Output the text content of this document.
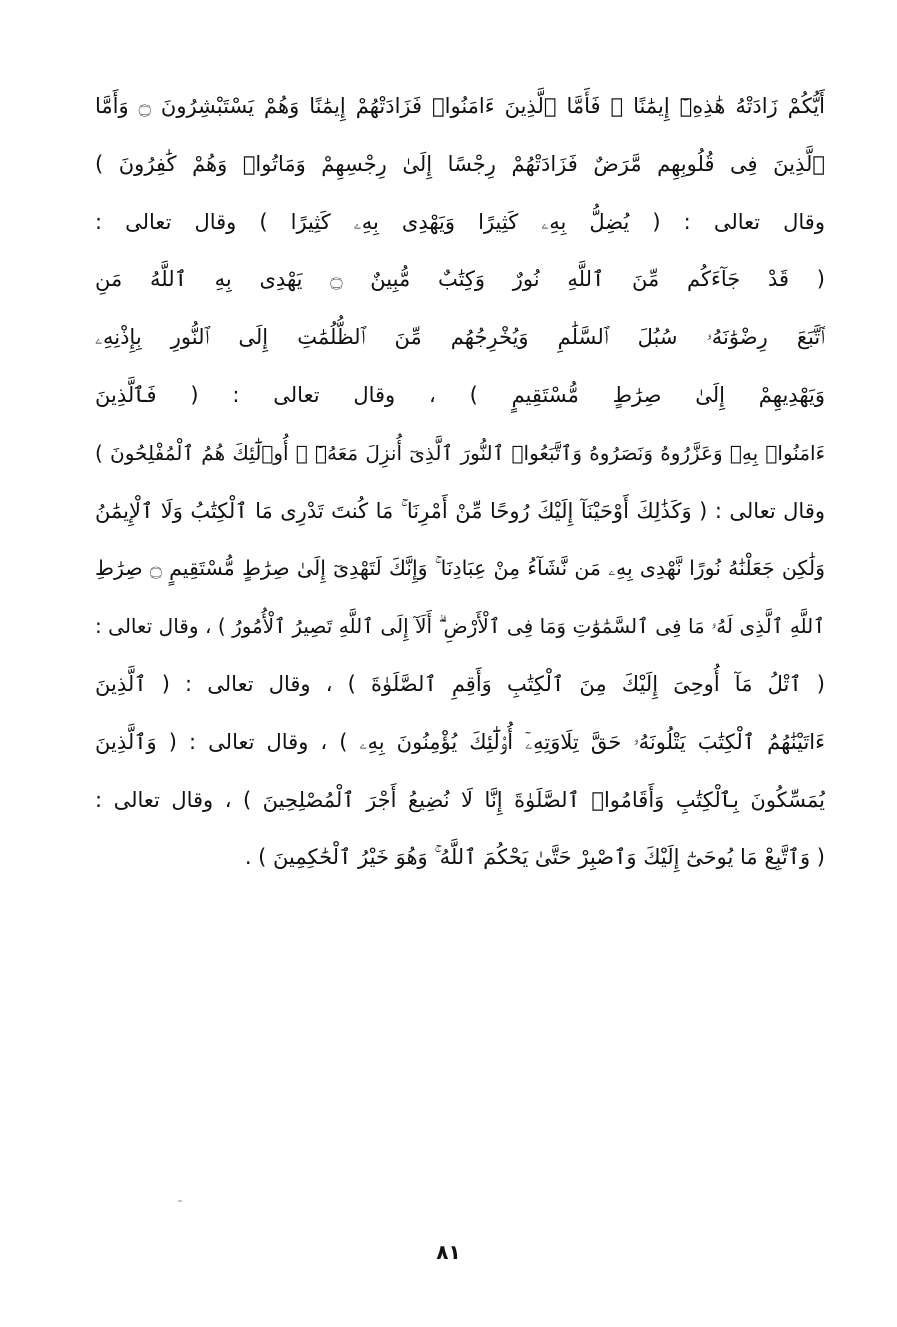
أَيُّكُمْ زَادَتْهُ هَٰذِهِۦٓ إِيمَٰنًا ۚ فَأَمَّا ٱلَّذِينَ ءَامَنُوا۟ فَزَادَتْهُمْ إِيمَٰنًا وَهُمْ يَسْتَبْشِرُونَ ۝ وَأَمَّا
ٱلَّذِينَ فِى قُلُوبِهِم مَّرَضٌ فَزَادَتْهُمْ رِجْسًا إِلَىٰ رِجْسِهِمْ وَمَاتُوا۟ وَهُمْ كَٰفِرُونَ )
وقال تعالى : ( يُضِلُّ بِهِۦ كَثِيرًا وَيَهْدِى بِهِۦ كَثِيرًا ) وقال تعالى :
( قَدْ جَآءَكُم مِّنَ ٱللَّهِ نُورٌ وَكِتَٰبٌ مُّبِينٌ ۝ يَهْدِى بِهِ ٱللَّهُ مَنِ
ٱتَّبَعَ رِضْوَٰنَهُۥ سُبُلَ ٱلسَّلَٰمِ وَيُخْرِجُهُم مِّنَ ٱلظُّلُمَٰتِ إِلَى ٱلنُّورِ بِإِذْنِهِۦ
وَيَهْدِيهِمْ إِلَىٰ صِرَٰطٍ مُّسْتَقِيمٍ ) ، وقال تعالى : ( فَٱلَّذِينَ
ءَامَنُوا۟ بِهِۦ وَعَزَّرُوهُ وَنَصَرُوهُ وَٱتَّبَعُوا۟ ٱلنُّورَ ٱلَّذِىٓ أُنزِلَ مَعَهُۥٓ ۙ أُو۟لَٰٓئِكَ هُمُ ٱلْمُفْلِحُونَ )
وقال تعالى : ( وَكَذَٰلِكَ أَوْحَيْنَآ إِلَيْكَ رُوحًا مِّنْ أَمْرِنَا ۚ مَا كُنتَ تَدْرِى مَا ٱلْكِتَٰبُ وَلَا ٱلْإِيمَٰنُ
وَلَٰكِن جَعَلْنَٰهُ نُورًا نَّهْدِى بِهِۦ مَن نَّشَآءُ مِنْ عِبَادِنَا ۚ وَإِنَّكَ لَتَهْدِىٓ إِلَىٰ صِرَٰطٍ مُّسْتَقِيمٍ ۝ صِرَٰطِ
ٱللَّهِ ٱلَّذِى لَهُۥ مَا فِى ٱلسَّمَٰوَٰتِ وَمَا فِى ٱلْأَرْضِ ۗ أَلَآ إِلَى ٱللَّهِ تَصِيرُ ٱلْأُمُورُ ) ، وقال تعالى :
( ٱتْلُ مَآ أُوحِىَ إِلَيْكَ مِنَ ٱلْكِتَٰبِ وَأَقِمِ ٱلصَّلَوٰةَ ) ، وقال تعالى : ( ٱلَّذِينَ
ءَاتَيْنَٰهُمُ ٱلْكِتَٰبَ يَتْلُونَهُۥ حَقَّ تِلَاوَتِهِۦٓ أُو۟لَٰٓئِكَ يُؤْمِنُونَ بِهِۦ ) ، وقال تعالى : ( وَٱلَّذِينَ
يُمَسِّكُونَ بِٱلْكِتَٰبِ وَأَقَامُوا۟ ٱلصَّلَوٰةَ إِنَّا لَا نُضِيعُ أَجْرَ ٱلْمُصْلِحِينَ ) ، وقال تعالى :
( وَٱتَّبِعْ مَا يُوحَىٰٓ إِلَيْكَ وَٱصْبِرْ حَتَّىٰ يَحْكُمَ ٱللَّهُ ۚ وَهُوَ خَيْرُ ٱلْحَٰكِمِينَ ) .
٨١
